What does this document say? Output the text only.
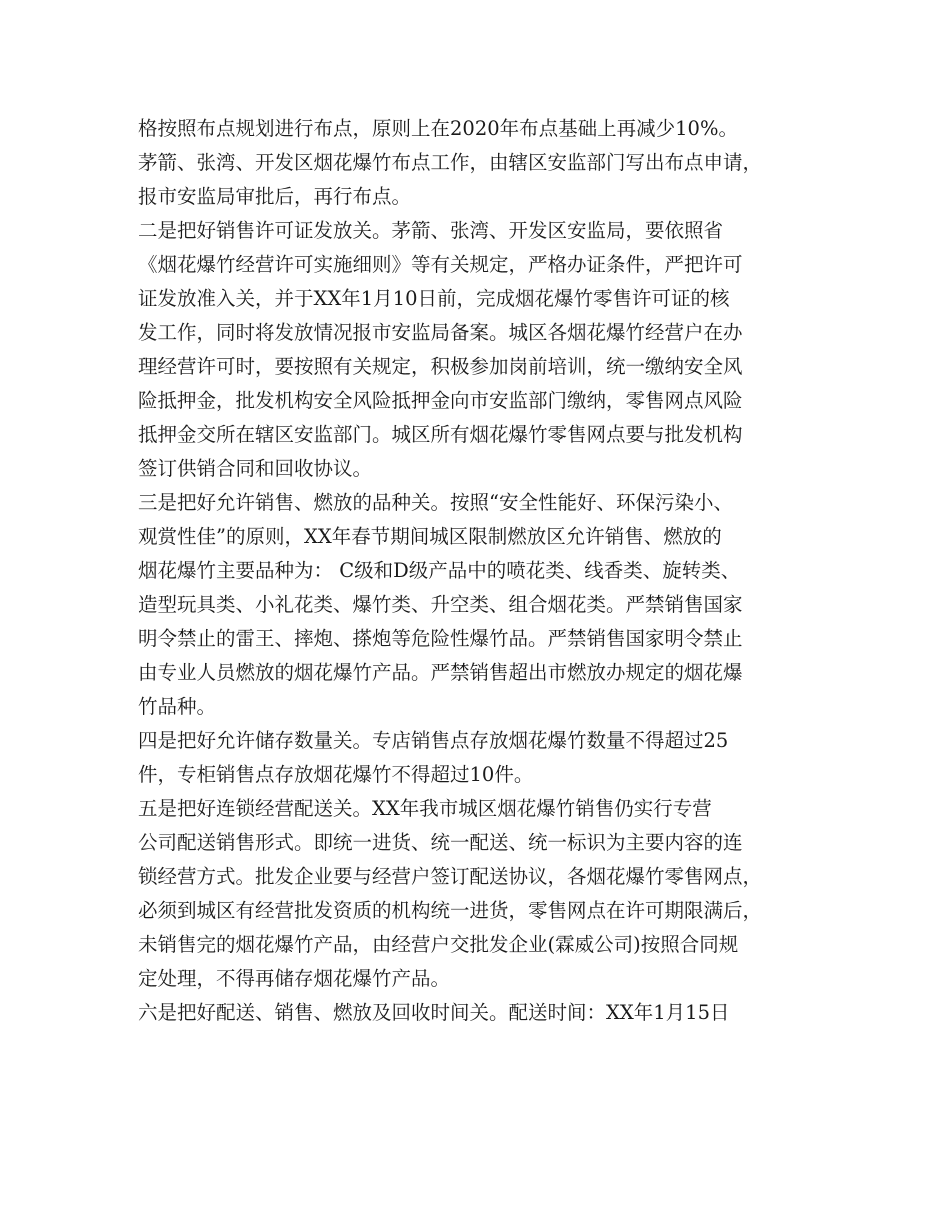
格按照布点规划进行布点，原则上在2020年布点基础上再减少10%。
茅箭、张湾、开发区烟花爆竹布点工作，由辖区安监部门写出布点申请，
报市安监局审批后，再行布点。
二是把好销售许可证发放关。茅箭、张湾、开发区安监局，要依照省
《烟花爆竹经营许可实施细则》等有关规定，严格办证条件，严把许可
证发放准入关，并于XX年1月10日前，完成烟花爆竹零售许可证的核
发工作，同时将发放情况报市安监局备案。城区各烟花爆竹经营户在办
理经营许可时，要按照有关规定，积极参加岗前培训，统一缴纳安全风
险抵押金，批发机构安全风险抵押金向市安监部门缴纳，零售网点风险
抵押金交所在辖区安监部门。城区所有烟花爆竹零售网点要与批发机构
签订供销合同和回收协议。
三是把好允许销售、燃放的品种关。按照“安全性能好、环保污染小、
观赏性佳”的原则，XX年春节期间城区限制燃放区允许销售、燃放的
烟花爆竹主要品种为： C级和D级产品中的喷花类、线香类、旋转类、
造型玩具类、小礼花类、爆竹类、升空类、组合烟花类。严禁销售国家
明令禁止的雷王、摔炮、搽炮等危险性爆竹品。严禁销售国家明令禁止
由专业人员燃放的烟花爆竹产品。严禁销售超出市燃放办规定的烟花爆
竹品种。
四是把好允许储存数量关。专店销售点存放烟花爆竹数量不得超过25
件，专柜销售点存放烟花爆竹不得超过10件。
五是把好连锁经营配送关。XX年我市城区烟花爆竹销售仍实行专营
公司配送销售形式。即统一进货、统一配送、统一标识为主要内容的连
锁经营方式。批发企业要与经营户签订配送协议，各烟花爆竹零售网点，
必须到城区有经营批发资质的机构统一进货，零售网点在许可期限满后，
未销售完的烟花爆竹产品，由经营户交批发企业(霖威公司)按照合同规
定处理，不得再储存烟花爆竹产品。
六是把好配送、销售、燃放及回收时间关。配送时间：XX年1月15日
